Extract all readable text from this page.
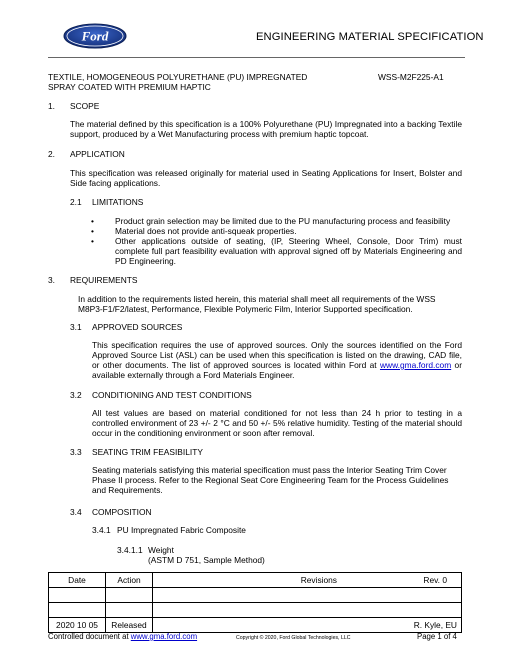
Ford	ENGINEERING MATERIAL SPECIFICATION
TEXTILE, HOMOGENEOUS POLYURETHANE (PU) IMPREGNATED
SPRAY COATED WITH PREMIUM HAPTIC
WSS-M2F225-A1
1. SCOPE
The material defined by this specification is a 100% Polyurethane (PU) Impregnated into a backing Textile support, produced by a Wet Manufacturing process with premium haptic topcoat.
2. APPLICATION
This specification was released originally for material used in Seating Applications for Insert, Bolster and Side facing applications.
2.1 LIMITATIONS
•	Product grain selection may be limited due to the PU manufacturing process and feasibility
•	Material does not provide anti-squeak properties.
•	Other applications outside of seating, (IP, Steering Wheel, Console, Door Trim) must complete full part feasibility evaluation with approval signed off by Materials Engineering and PD Engineering.
3. REQUIREMENTS
In addition to the requirements listed herein, this material shall meet all requirements of the WSS M8P3-F1/F2/latest, Performance, Flexible Polymeric Film, Interior Supported specification.
3.1 APPROVED SOURCES
This specification requires the use of approved sources. Only the sources identified on the Ford Approved Source List (ASL) can be used when this specification is listed on the drawing, CAD file, or other documents. The list of approved sources is located within Ford at www.gma.ford.com or available externally through a Ford Materials Engineer.
3.2 CONDITIONING AND TEST CONDITIONS
All test values are based on material conditioned for not less than 24 h prior to testing in a controlled environment of 23 +/- 2 °C and 50 +/- 5% relative humidity. Testing of the material should occur in the conditioning environment or soon after removal.
3.3 SEATING TRIM FEASIBILITY
Seating materials satisfying this material specification must pass the Interior Seating Trim Cover Phase II process. Refer to the Regional Seat Core Engineering Team for the Process Guidelines and Requirements.
3.4 COMPOSITION
3.4.1 PU Impregnated Fabric Composite
3.4.1.1 Weight
(ASTM D 751, Sample Method)
Date	Action	Revisions Rev. 0

2020 10 05	Released	R. Kyle, EU
Controlled document at www.gma.ford.com	Copyright © 2020, Ford Global Technologies, LLC	Page 1 of 4
